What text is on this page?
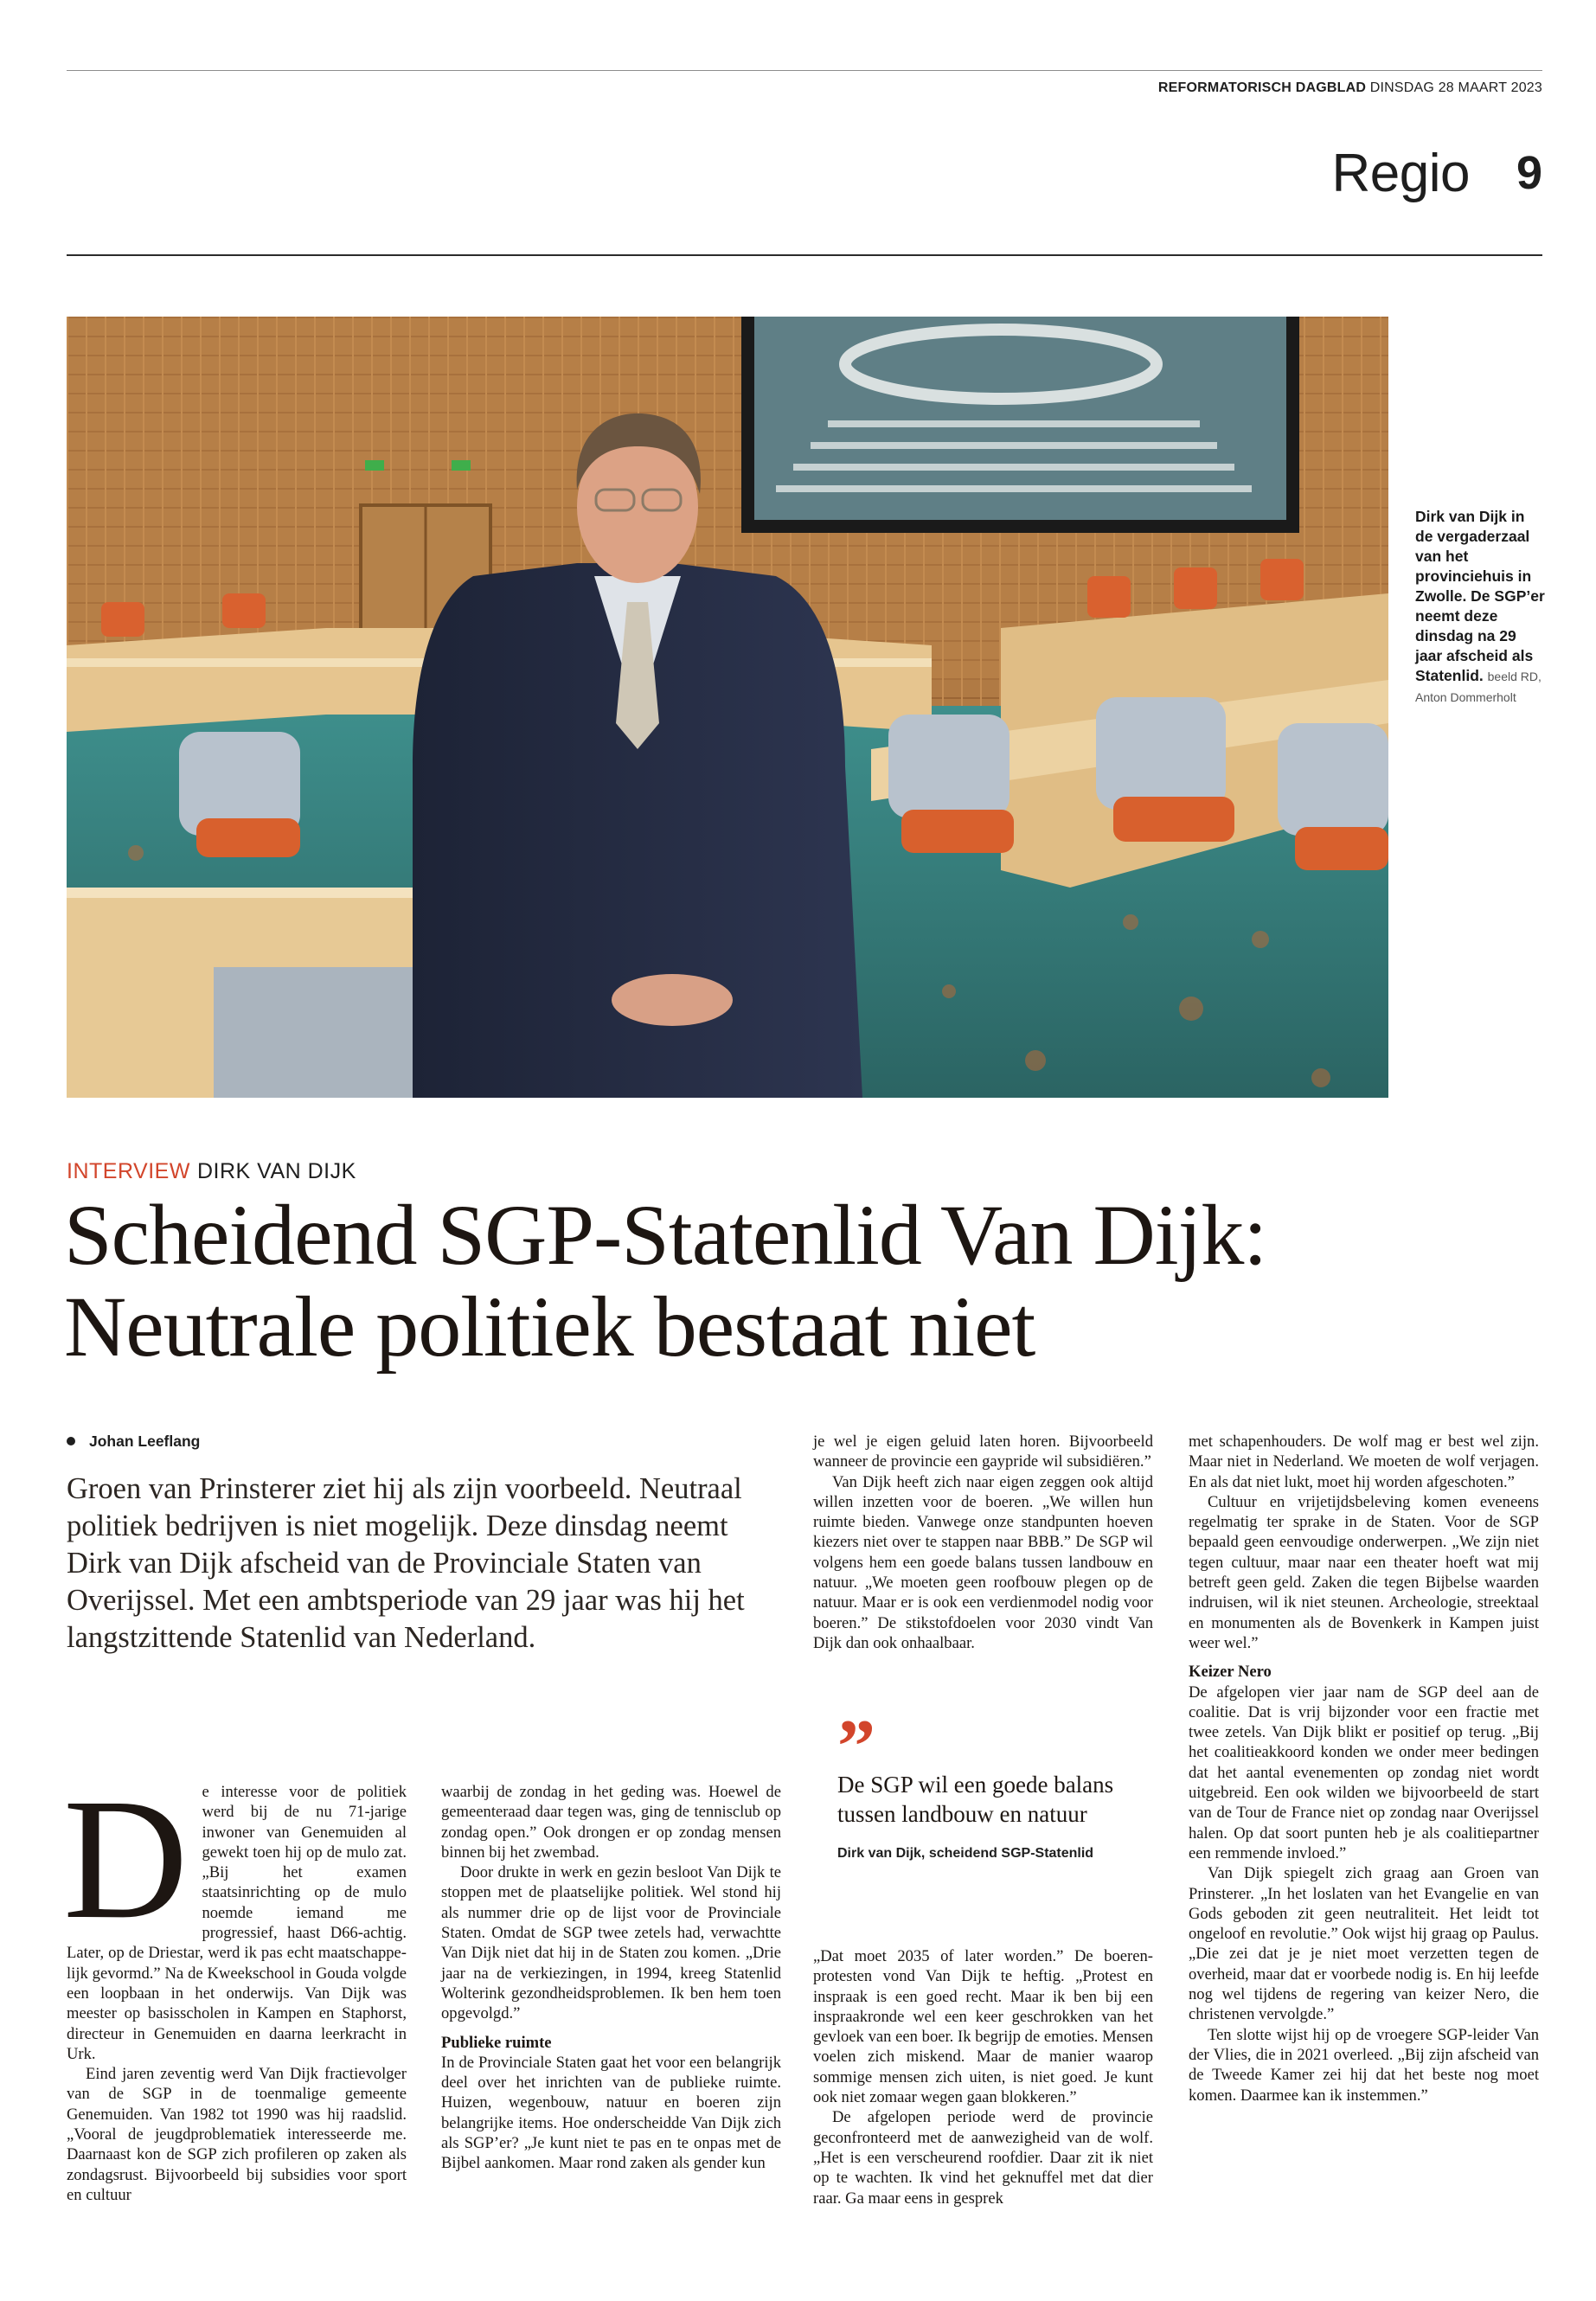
REFORMATORISCH DAGBLAD DINSDAG 28 MAART 2023
Regio 9
Dirk van Dijk in de vergaderzaal van het provinciehuis in Zwolle. De SGP’er neemt deze dinsdag na 29 jaar afscheid als Statenlid. beeld RD, Anton Dommerholt
INTERVIEW DIRK VAN DIJK
Scheidend SGP-Statenlid Van Dijk:
Neutrale politiek bestaat niet
Johan Leeflang

Groen van Prinsterer ziet hij als zijn voorbeeld. Neutraal politiek bedrijven is niet mogelijk. Deze dinsdag neemt Dirk van Dijk afscheid van de Provinciale Staten van Overijssel. Met een ambtsperiode van 29 jaar was hij het langstzittende Statenlid van Nederland.

D e interesse voor de politiek werd bij de nu 71-jarige inwoner van Genemuiden al gewekt toen hij op de mulo zat. „Bij het examen staatsinrichting op de mulo noemde iemand me progressief, haast D66-achtig. Later, op de Driestar, werd ik pas echt maatschappelijk gevormd.” Na de Kweekschool in Gouda volgde een loopbaan in het onderwijs. Van Dijk was meester op basisscholen in Kampen en Staphorst, directeur in Genemuiden en daarna leerkracht in Urk.

Eind jaren zeventig werd Van Dijk fractievolger van de SGP in de toenmalige gemeente Genemuiden. Van 1982 tot 1990 was hij raadslid. „Vooral de jeugdproblematiek interesseerde me. Daarnaast kon de SGP zich profileren op zaken als zondagsrust. Bijvoorbeeld bij subsidies voor sport en cultuur

waarbij de zondag in het geding was. Hoewel de gemeenteraad daar tegen was, ging de tennisclub op zondag open.” Ook drongen er op zondag mensen binnen bij het zwembad.

Door drukte in werk en gezin besloot Van Dijk te stoppen met de plaatselijke politiek. Wel stond hij als nummer drie op de lijst voor de Provinciale Staten. Omdat de SGP twee zetels had, verwachtte Van Dijk niet dat hij in de Staten zou komen. „Drie jaar na de verkiezingen, in 1994, kreeg Statenlid Wolterink gezondheidsproblemen. Ik ben hem toen opgevolgd.”

Publieke ruimte

In de Provinciale Staten gaat het voor een belangrijk deel over het inrichten van de publieke ruimte. Huizen, wegenbouw, natuur en boeren zijn belangrijke items. Hoe onderscheidde Van Dijk zich als SGP’er? „Je kunt niet te pas en te onpas met de Bijbel aankomen. Maar rond zaken als gender kun

je wel je eigen geluid laten horen. Bijvoorbeeld wanneer de provincie een gaypride wil subsidiëren.”

Van Dijk heeft zich naar eigen zeggen ook altijd willen inzetten voor de boeren. „We willen hun ruimte bieden. Vanwege onze standpunten hoeven kiezers niet over te stappen naar BBB.” De SGP wil volgens hem een goede balans tussen landbouw en natuur. „We moeten geen roofbouw plegen op de natuur. Maar er is ook een verdienmodel nodig voor boeren.” De stikstofdoelen voor 2030 vindt Van Dijk dan ook onhaalbaar.

”
De SGP wil een goede balans tussen landbouw en natuur
Dirk van Dijk, scheidend SGP-Statenlid

„Dat moet 2035 of later worden.” De boerenprotesten vond Van Dijk te heftig. „Protest en inspraak is een goed recht. Maar ik ben bij een inspraakronde wel een keer geschrokken van het gevloek van een boer. Ik begrijp de emoties. Mensen voelen zich miskend. Maar de manier waarop sommige mensen zich uiten, is niet goed. Je kunt ook niet zomaar wegen gaan blokkeren.”

De afgelopen periode werd de provincie geconfronteerd met de aanwezigheid van de wolf. „Het is een verscheurend roofdier. Daar zit ik niet op te wachten. Ik vind het geknuffel met dat dier raar. Ga maar eens in gesprek

met schapenhouders. De wolf mag er best wel zijn. Maar niet in Nederland. We moeten de wolf verjagen. En als dat niet lukt, moet hij worden afgeschoten.”

Cultuur en vrijetijdsbeleving komen eveneens regelmatig ter sprake in de Staten. Voor de SGP bepaald geen eenvoudige onderwerpen. „We zijn niet tegen cultuur, maar naar een theater hoeft wat mij betreft geen geld. Zaken die tegen Bijbelse waarden indruisen, wil ik niet steunen. Archeologie, streektaal en monumenten als de Bovenkerk in Kampen juist weer wel.”

Keizer Nero

De afgelopen vier jaar nam de SGP deel aan de coalitie. Dat is vrij bijzonder voor een fractie met twee zetels. Van Dijk blikt er positief op terug. „Bij het coalitieakkoord konden we onder meer bedingen dat het aantal evenementen op zondag niet wordt uitgebreid. Een ook wilden we bijvoorbeeld de start van de Tour de France niet op zondag naar Overijssel halen. Op dat soort punten heb je als coalitiepartner een remmende invloed.”

Van Dijk spiegelt zich graag aan Groen van Prinsterer. „In het loslaten van het Evangelie en van Gods geboden zit geen neutraliteit. Het leidt tot ongeloof en revolutie.” Ook wijst hij graag op Paulus. „Die zei dat je je niet moet verzetten tegen de overheid, maar dat er voorbede nodig is. En hij leefde nog wel tijdens de regering van keizer Nero, die christenen vervolgde.”

Ten slotte wijst hij op de vroegere SGP-leider Van der Vlies, die in 2021 overleed. „Bij zijn afscheid van de Tweede Kamer zei hij dat het beste nog moet komen. Daarmee kan ik instemmen.”
